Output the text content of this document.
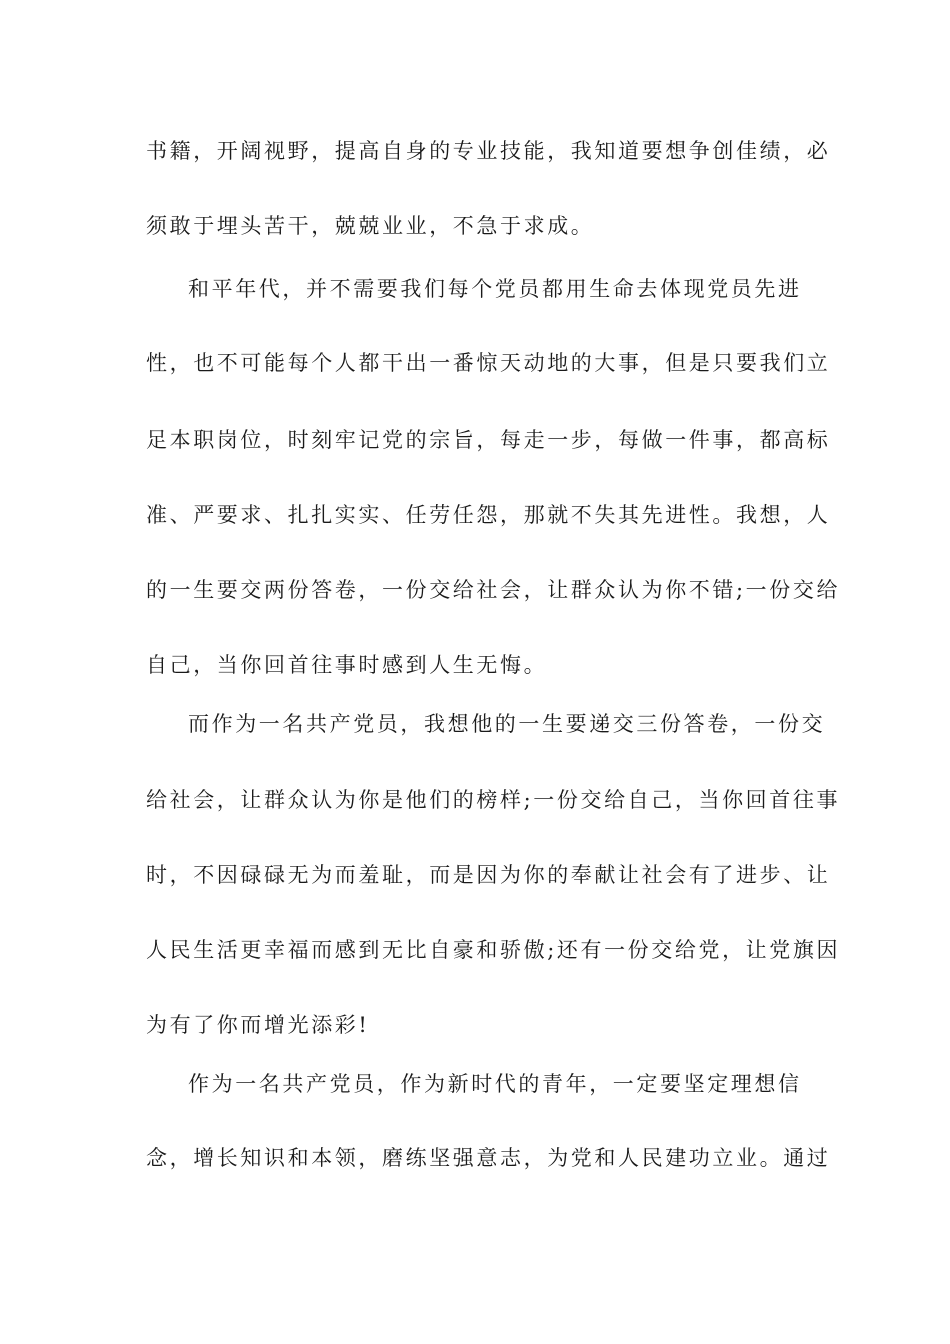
书籍，开阔视野，提高自身的专业技能，我知道要想争创佳绩，必
须敢于埋头苦干，兢兢业业，不急于求成。
和平年代，并不需要我们每个党员都用生命去体现党员先进
性，也不可能每个人都干出一番惊天动地的大事，但是只要我们立
足本职岗位，时刻牢记党的宗旨，每走一步，每做一件事，都高标
准、严要求、扎扎实实、任劳任怨，那就不失其先进性。我想，人
的一生要交两份答卷，一份交给社会，让群众认为你不错;一份交给
自己，当你回首往事时感到人生无悔。
而作为一名共产党员，我想他的一生要递交三份答卷，一份交
给社会，让群众认为你是他们的榜样;一份交给自己，当你回首往事
时，不因碌碌无为而羞耻，而是因为你的奉献让社会有了进步、让
人民生活更幸福而感到无比自豪和骄傲;还有一份交给党，让党旗因
为有了你而增光添彩!
作为一名共产党员，作为新时代的青年，一定要坚定理想信
念，增长知识和本领，磨练坚强意志，为党和人民建功立业。通过
